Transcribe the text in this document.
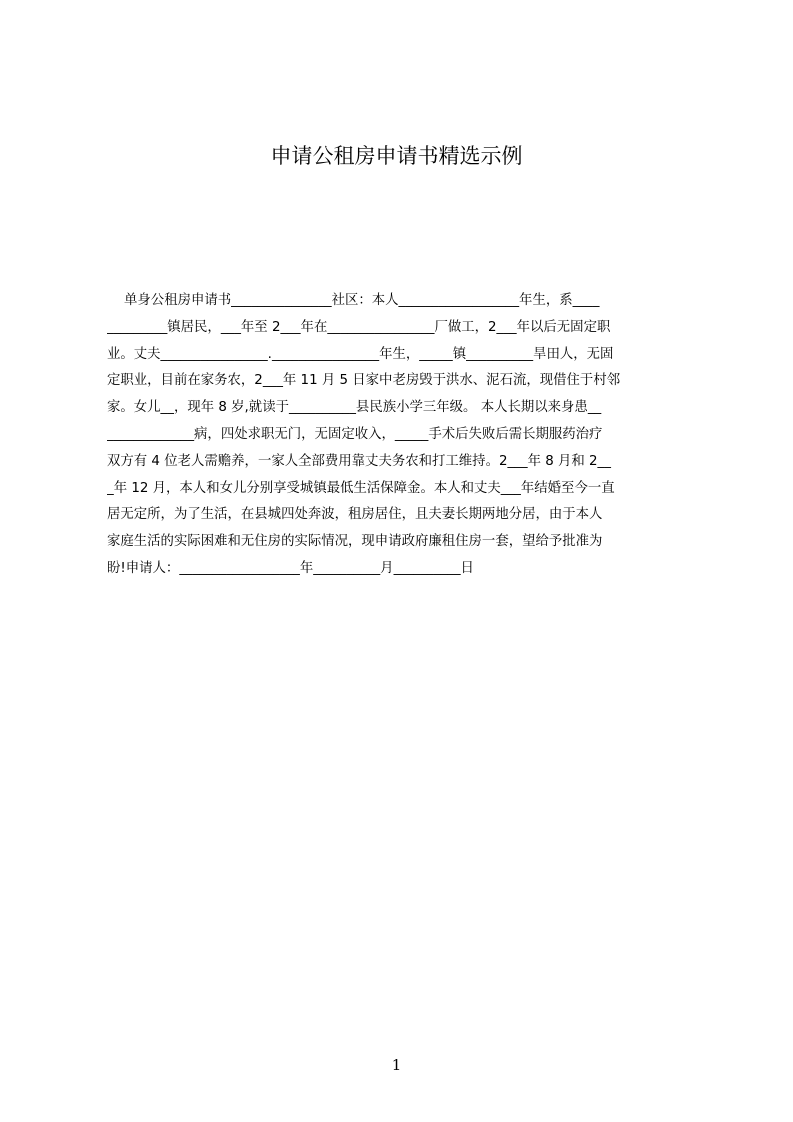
申请公租房申请书精选示例
单身公租房申请书_______________社区：本人__________________年生，系____
_________镇居民，___年至 2___年在________________厂做工，2___年以后无固定职
业。丈夫________________.________________年生，_____镇__________旱田人，无固
定职业，目前在家务农，2___年 11 月 5 日家中老房毁于洪水、泥石流，现借住于村邻
家。女儿__，现年 8 岁,就读于__________县民族小学三年级。 本人长期以来身患__
_____________病，四处求职无门，无固定收入，_____手术后失败后需长期服药治疗
双方有 4 位老人需赡养，一家人全部费用靠丈夫务农和打工维持。2___年 8 月和 2__
_年 12 月，本人和女儿分别享受城镇最低生活保障金。本人和丈夫___年结婚至今一直
居无定所，为了生活，在县城四处奔波，租房居住，且夫妻长期两地分居，由于本人
家庭生活的实际困难和无住房的实际情况，现申请政府廉租住房一套，望给予批准为
盼!申请人：__________________年__________月__________日
1
